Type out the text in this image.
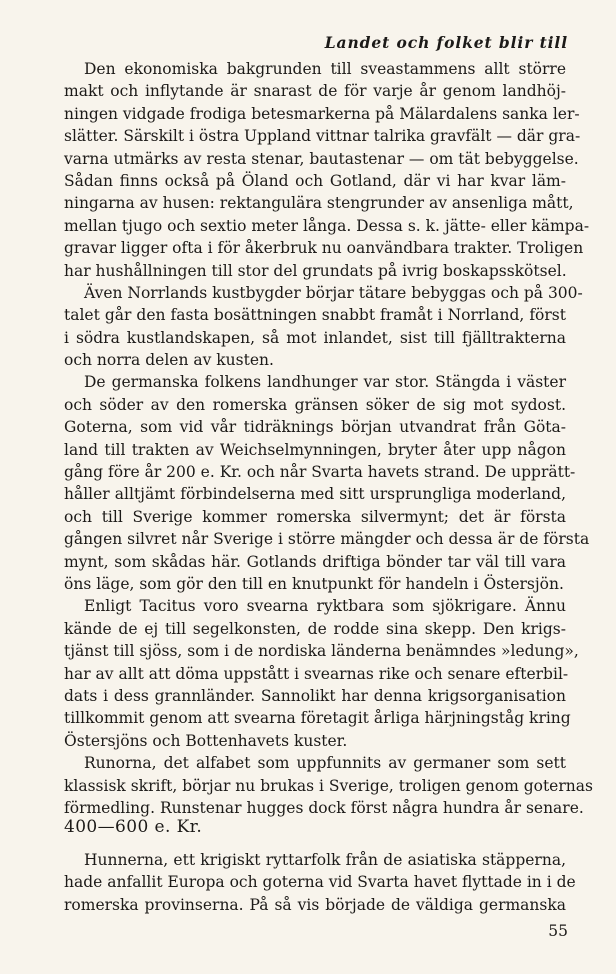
Landet och folket blir till
Den ekonomiska bakgrunden till sveastammens allt större
makt och inflytande är snarast de för varje år genom landhöj-
ningen vidgade frodiga betesmarkerna på Mälardalens sanka ler-
slätter. Särskilt i östra Uppland vittnar talrika gravfält — där gra-
varna utmärks av resta stenar, bautastenar — om tät bebyggelse.
Sådan finns också på Öland och Gotland, där vi har kvar läm-
ningarna av husen: rektangulära stengrunder av ansenliga mått,
mellan tjugo och sextio meter långa. Dessa s. k. jätte- eller kämpa-
gravar ligger ofta i för åkerbruk nu oanvändbara trakter. Troligen
har hushållningen till stor del grundats på ivrig boskapsskötsel.
Även Norrlands kustbygder börjar tätare bebyggas och på 300-
talet går den fasta bosättningen snabbt framåt i Norrland, först
i södra kustlandskapen, så mot inlandet, sist till fjälltrakterna
och norra delen av kusten.
De germanska folkens landhunger var stor. Stängda i väster
och söder av den romerska gränsen söker de sig mot sydost.
Goterna, som vid vår tidräknings början utvandrat från Göta-
land till trakten av Weichselmynningen, bryter åter upp någon
gång före år 200 e. Kr. och når Svarta havets strand. De upprätt-
håller alltjämt förbindelserna med sitt ursprungliga moderland,
och till Sverige kommer romerska silvermynt; det är första
gången silvret når Sverige i större mängder och dessa är de första
mynt, som skådas här. Gotlands driftiga bönder tar väl till vara
öns läge, som gör den till en knutpunkt för handeln i Östersjön.
Enligt Tacitus voro svearna ryktbara som sjökrigare. Ännu
kände de ej till segelkonsten, de rodde sina skepp. Den krigs-
tjänst till sjöss, som i de nordiska länderna benämndes »ledung»,
har av allt att döma uppstått i svearnas rike och senare efterbil-
dats i dess grannländer. Sannolikt har denna krigsorganisation
tillkommit genom att svearna företagit årliga härjningståg kring
Östersjöns och Bottenhavets kuster.
Runorna, det alfabet som uppfunnits av germaner som sett
klassisk skrift, börjar nu brukas i Sverige, troligen genom goternas
förmedling. Runstenar hugges dock först några hundra år senare.
400—600 e. Kr.
Hunnerna, ett krigiskt ryttarfolk från de asiatiska stäpperna,
hade anfallit Europa och goterna vid Svarta havet flyttade in i de
romerska provinserna. På så vis började de väldiga germanska
55
